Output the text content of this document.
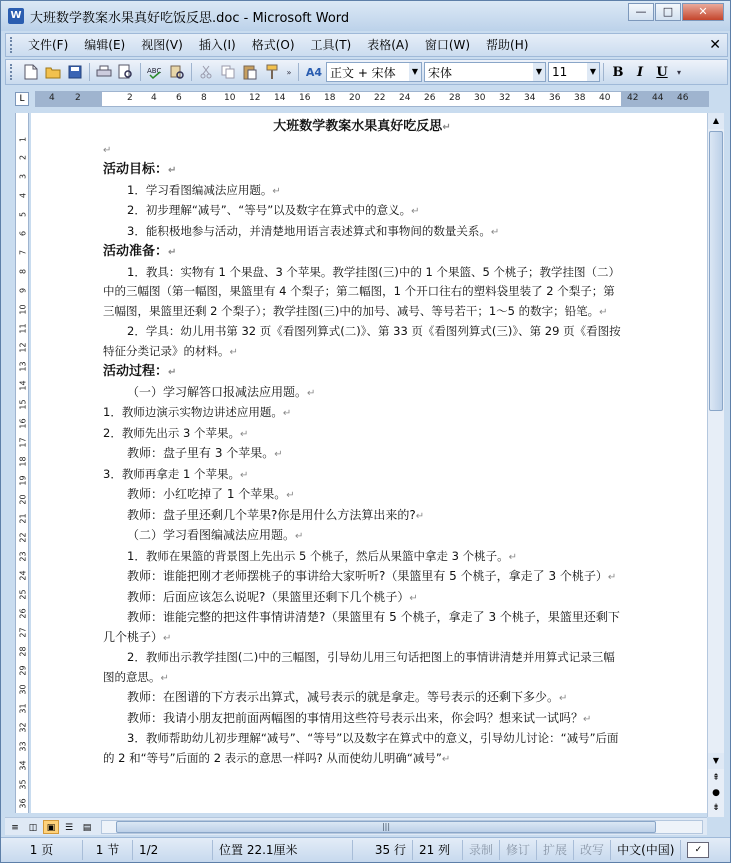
W 大班数学教案水果真好吃饭反思.doc - Microsoft Word	—	□	✕
文件(F)	编辑(E)	视图(V)	插入(I)	格式(O)	工具(T)	表格(A)	窗口(W)	帮助(H)	✕
ABC	» A4 正文 + 宋体	▼ 宋体	▼ 11	▼	B	I	U	▾
L	4 2	2 4 6 8 10 12 14 16 18 20 22 24 26 28 30 32 34 36 38 40 42 44 46
1
2
3
4
5
6
7
8
9
10
11
12
13
14
15
16
17
18
19
20
21
22
23
24
25
26
27
28
29
30
31
32
33
34
35
36
大班数学教案水果真好吃反思↵
↵
活动目标：↵
1．学习看图编减法应用题。↵
2．初步理解“减号”、“等号”以及数字在算式中的意义。↵
3．能积极地参与活动，并清楚地用语言表述算式和事物间的数量关系。↵
活动准备：↵
1．教具：实物有 1 个果盘、3 个苹果。教学挂图(三)中的 1 个果篮、5 个桃子；教学挂图（二）中的三幅图（第一幅图，果篮里有 4 个梨子；第二幅图，1 个开口往右的塑料袋里装了 2 个梨子；第三幅图，果篮里还剩 2 个梨子）；教学挂图(三)中的加号、减号、等号若干；1～5 的数字；铅笔。↵
2．学具：幼儿用书第 32 页《看图列算式(二)》、第 33 页《看图列算式(三)》、第 29 页《看图按特征分类记录》的材料。↵
活动过程：↵
（一）学习解答口报减法应用题。↵
1．教师边演示实物边讲述应用题。↵
2．教师先出示 3 个苹果。↵
教师：盘子里有 3 个苹果。↵
3．教师再拿走 1 个苹果。↵
教师：小红吃掉了 1 个苹果。↵
教师：盘子里还剩几个苹果?你是用什么方法算出来的?↵
（二）学习看图编减法应用题。↵
1．教师在果篮的背景图上先出示 5 个桃子，然后从果篮中拿走 3 个桃子。↵
教师：谁能把刚才老师摆桃子的事讲给大家听听?（果篮里有 5 个桃子，拿走了 3 个桃子）↵
教师：后面应该怎么说呢?（果篮里还剩下几个桃子）↵
教师：谁能完整的把这件事情讲清楚?（果篮里有 5 个桃子，拿走了 3 个桃子，果篮里还剩下几个桃子）↵
2．教师出示教学挂图(二)中的三幅图，引导幼儿用三句话把图上的事情讲清楚并用算式记录三幅图的意思。↵
教师：在图谱的下方表示出算式，减号表示的就是拿走。等号表示的还剩下多少。↵
教师：我请小朋友把前面两幅图的事情用这些符号表示出来，你会吗？想来试一试吗？↵
3．教师帮助幼儿初步理解“减号”、“等号”以及数字在算式中的意义，引导幼儿讨论：“减号”后面的 2 和“等号”后面的 2 表示的意思一样吗? 从而使幼儿明确“减号”↵
▲
▼
⇞
●
⇟
≡	◫	▣	☰	▤	|||
1 页	1 节	1/2	位置 22.1厘米	35 行	21 列	录制	修订	扩展	改写	中文(中国)	✓
